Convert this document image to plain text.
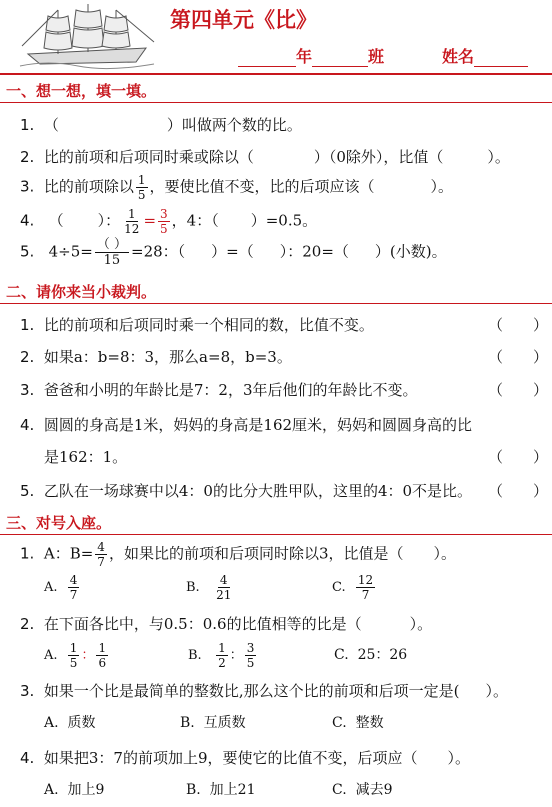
第四单元《比》
年	班	姓名
一、想一想，填一填。
1. （	）叫做两个数的比。
2. 比的前项和后项同时乘或除以（	）（0除外），比值（	）。
3. 比的前项除以 $\frac{1}{5}$ ，要使比值不变，比的后项应该（	）。
4. （ ）： $\frac{1}{12} = \frac{3}{5}$ ，4：（ ）=0.5。
5. $4\div 5= \frac{( )}{15} =28$：（ ）=（ ）：20=（ ）(小数)。
二、请你来当小裁判。
1. 比的前项和后项同时乘一个相同的数，比值不变。	（　　）
2. 如果a：b=8：3，那么a=8，b=3。	（　　）
3. 爸爸和小明的年龄比是7：2，3年后他们的年龄比不变。	（　　）
4. 圆圆的身高是1米，妈妈的身高是162厘米，妈妈和圆圆身高的比
是162：1。	（　　）
5. 乙队在一场球赛中以4：0的比分大胜甲队，这里的4：0不是比。 （　　）
三、对号入座。
1. A：$B= \frac{4}{7}$ ，如果比的前项和后项同时除以3，比值是（ ）。
A. $\frac{4}{7}$	B. $\frac{4}{21}$	C. $\frac{12}{7}$
2. 在下面各比中，与0.5：0.6的比值相等的比是（	）。
A. $\frac{1}{5}$ ： $\frac{1}{6}$	B. $\frac{1}{2}$ ： $\frac{3}{5}$	C. 25：26
3. 如果一个比是最简单的整数比,那么这个比的前项和后项一定是( ）。
A. 质数	B. 互质数	C. 整数
4. 如果把3：7的前项加上9，要使它的比值不变，后项应（ ）。
A. 加上9	B. 加上21	C. 减去9
